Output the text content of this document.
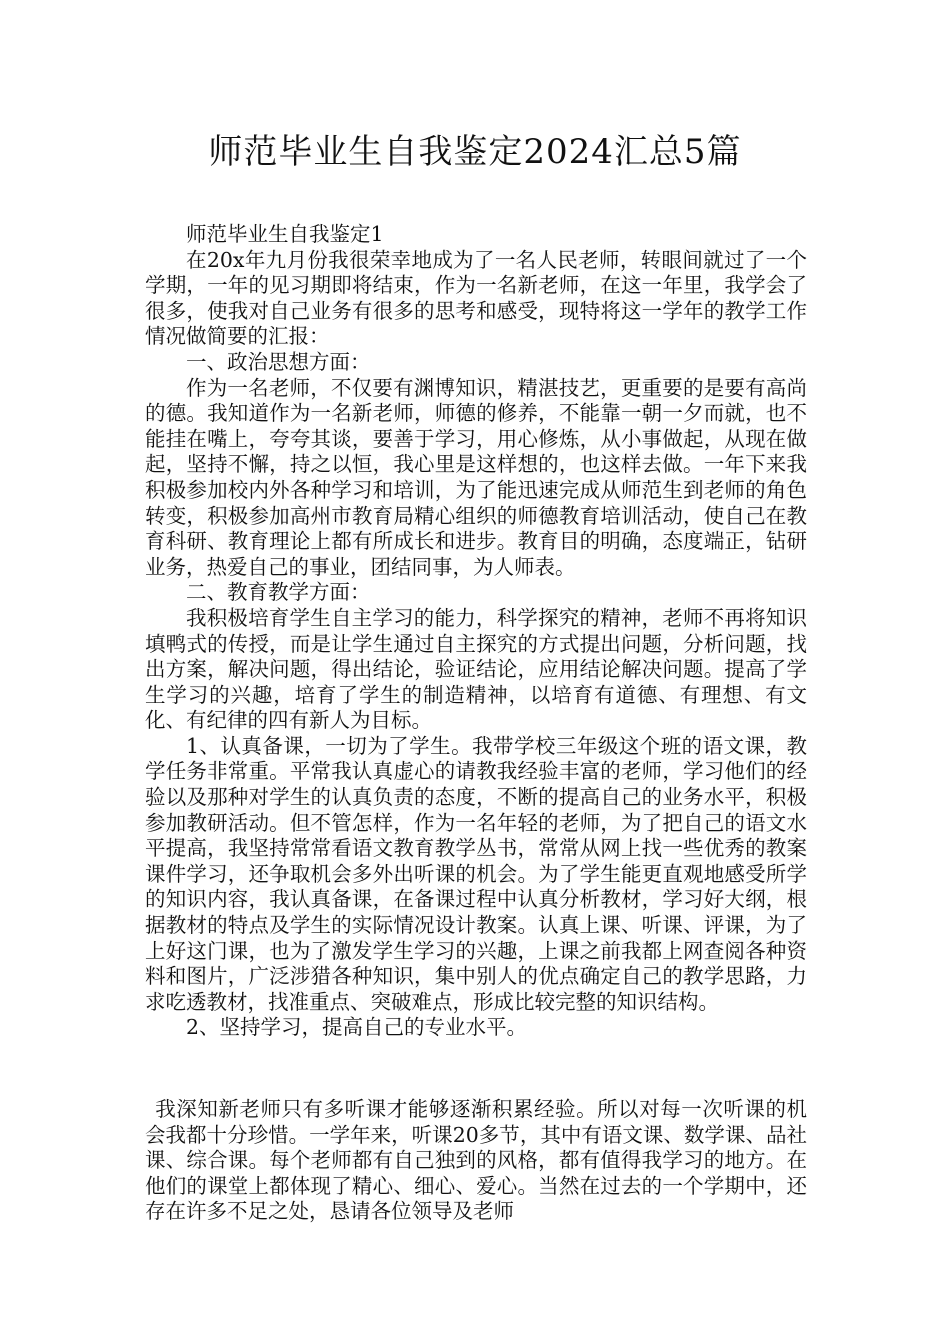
师范毕业生自我鉴定2024汇总5篇

师范毕业生自我鉴定1

在20x年九月份我很荣幸地成为了一名人民老师，转眼间就过了一个学期，一年的见习期即将结束，作为一名新老师，在这一年里，我学会了很多，使我对自己业务有很多的思考和感受，现特将这一学年的教学工作情况做简要的汇报：

一、政治思想方面：

作为一名老师，不仅要有渊博知识，精湛技艺，更重要的是要有高尚的德。我知道作为一名新老师，师德的修养，不能靠一朝一夕而就，也不能挂在嘴上，夸夸其谈，要善于学习，用心修炼，从小事做起，从现在做起，坚持不懈，持之以恒，我心里是这样想的，也这样去做。一年下来我积极参加校内外各种学习和培训，为了能迅速完成从师范生到老师的角色转变，积极参加高州市教育局精心组织的师德教育培训活动，使自己在教育科研、教育理论上都有所成长和进步。教育目的明确，态度端正，钻研业务，热爱自己的事业，团结同事，为人师表。

二、教育教学方面：

我积极培育学生自主学习的能力，科学探究的精神，老师不再将知识填鸭式的传授，而是让学生通过自主探究的方式提出问题，分析问题，找出方案，解决问题，得出结论，验证结论，应用结论解决问题。提高了学生学习的兴趣，培育了学生的制造精神，以培育有道德、有理想、有文化、有纪律的四有新人为目标。

1、认真备课，一切为了学生。我带学校三年级这个班的语文课，教学任务非常重。平常我认真虚心的请教我经验丰富的老师，学习他们的经验以及那种对学生的认真负责的态度，不断的提高自己的业务水平，积极参加教研活动。但不管怎样，作为一名年轻的老师，为了把自己的语文水平提高，我坚持常常看语文教育教学丛书，常常从网上找一些优秀的教案课件学习，还争取机会多外出听课的机会。为了学生能更直观地感受所学的知识内容，我认真备课，在备课过程中认真分析教材，学习好大纲，根据教材的特点及学生的实际情况设计教案。认真上课、听课、评课，为了上好这门课，也为了激发学生学习的兴趣，上课之前我都上网查阅各种资料和图片，广泛涉猎各种知识，集中别人的优点确定自己的教学思路，力求吃透教材，找准重点、突破难点，形成比较完整的知识结构。

2、坚持学习，提高自己的专业水平。

我深知新老师只有多听课才能够逐渐积累经验。所以对每一次听课的机会我都十分珍惜。一学年来，听课20多节，其中有语文课、数学课、品社课、综合课。每个老师都有自己独到的风格，都有值得我学习的地方。在他们的课堂上都体现了精心、细心、爱心。当然在过去的一个学期中，还存在许多不足之处，恳请各位领导及老师
